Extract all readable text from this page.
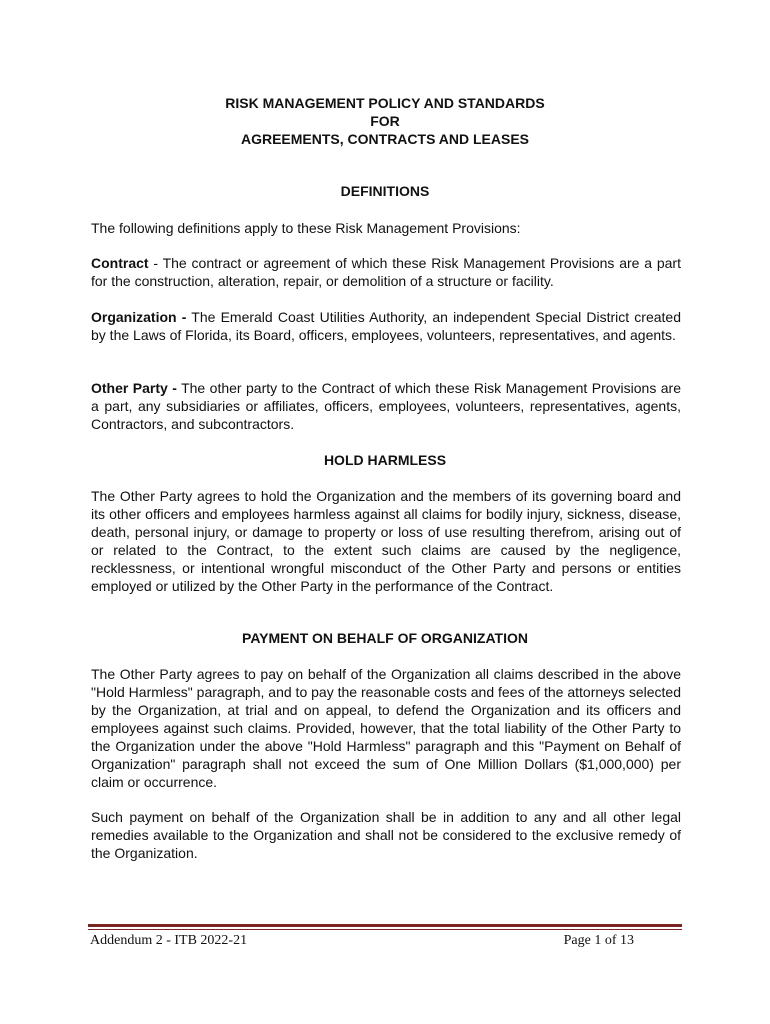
RISK MANAGEMENT POLICY AND STANDARDS
FOR
AGREEMENTS, CONTRACTS AND LEASES
DEFINITIONS
The following definitions apply to these Risk Management Provisions:
Contract - The contract or agreement of which these Risk Management Provisions are a part for the construction, alteration, repair, or demolition of a structure or facility.
Organization - The Emerald Coast Utilities Authority, an independent Special District created by the Laws of Florida, its Board, officers, employees, volunteers, representatives, and agents.
Other Party - The other party to the Contract of which these Risk Management Provisions are a part, any subsidiaries or affiliates, officers, employees, volunteers, representatives, agents, Contractors, and subcontractors.
HOLD HARMLESS
The Other Party agrees to hold the Organization and the members of its governing board and its other officers and employees harmless against all claims for bodily injury, sickness, disease, death, personal injury, or damage to property or loss of use resulting therefrom, arising out of or related to the Contract, to the extent such claims are caused by the negligence, recklessness, or intentional wrongful misconduct of the Other Party and persons or entities employed or utilized by the Other Party in the performance of the Contract.
PAYMENT ON BEHALF OF ORGANIZATION
The Other Party agrees to pay on behalf of the Organization all claims described in the above "Hold Harmless" paragraph, and to pay the reasonable costs and fees of the attorneys selected by the Organization, at trial and on appeal, to defend the Organization and its officers and employees against such claims. Provided, however, that the total liability of the Other Party to the Organization under the above "Hold Harmless" paragraph and this "Payment on Behalf of Organization" paragraph shall not exceed the sum of One Million Dollars ($1,000,000) per claim or occurrence.
Such payment on behalf of the Organization shall be in addition to any and all other legal remedies available to the Organization and shall not be considered to the exclusive remedy of the Organization.
Addendum 2 - ITB 2022-21	Page 1 of 13
